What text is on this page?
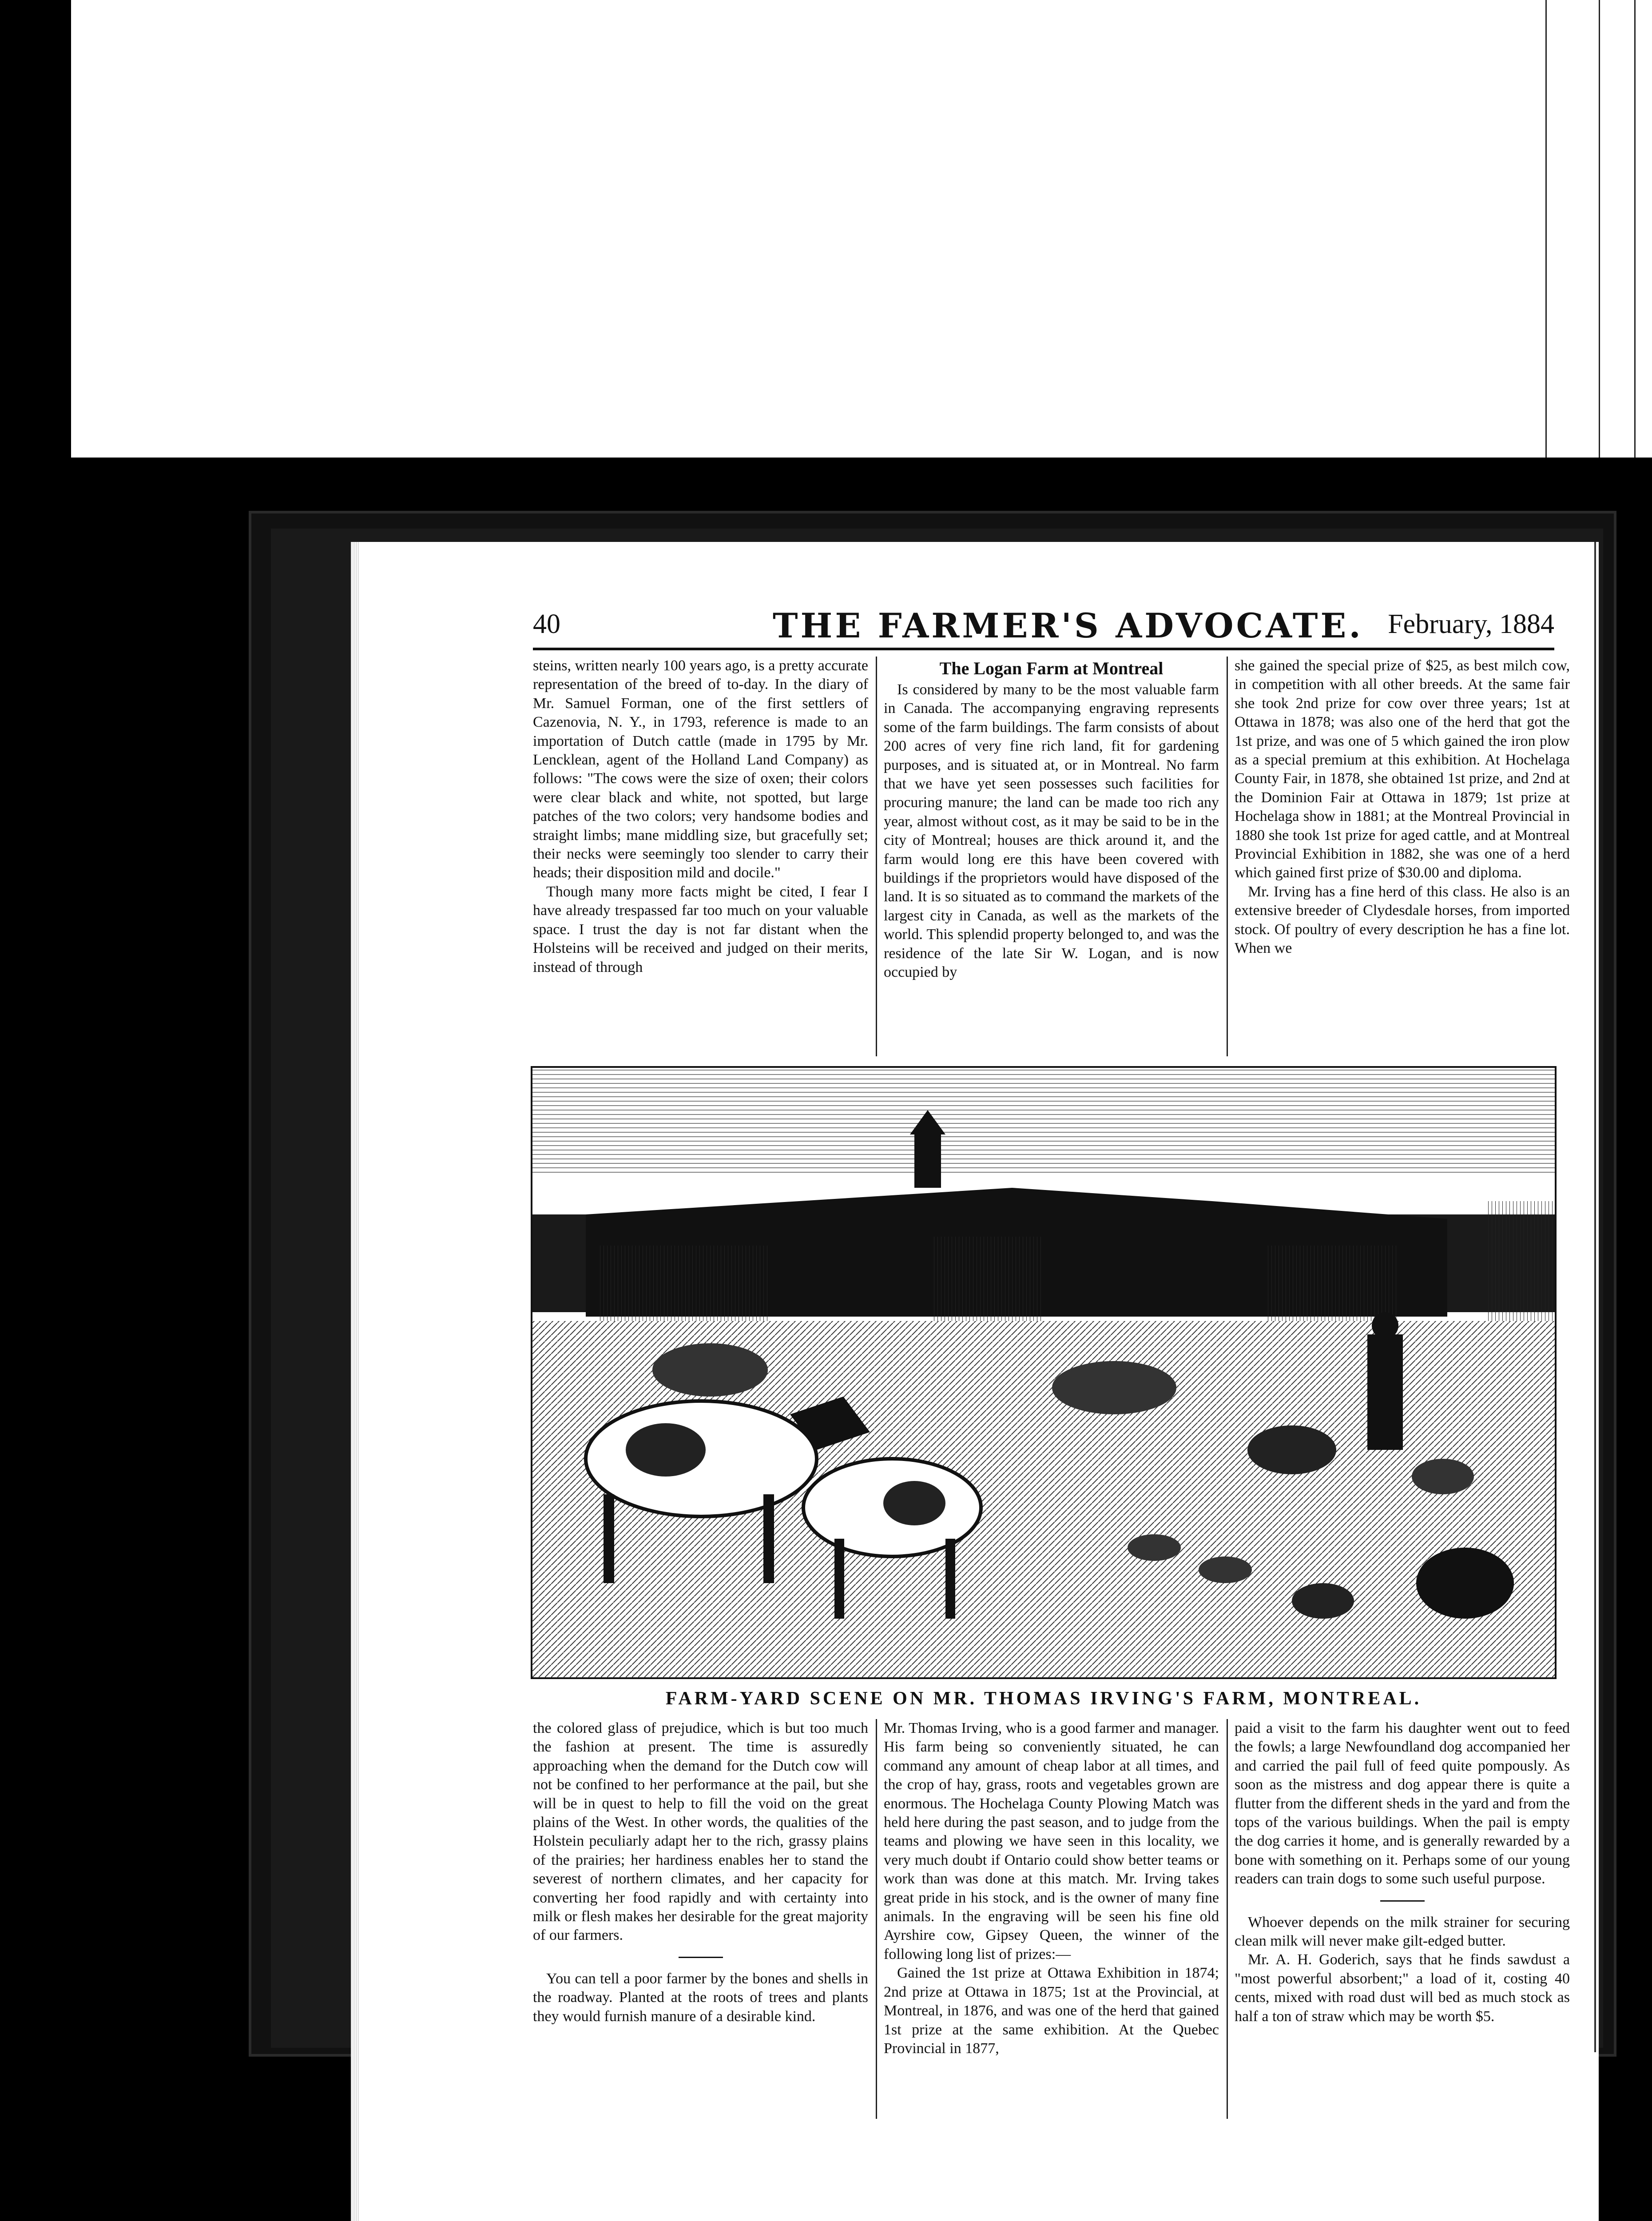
40	THE FARMER'S ADVOCATE. February, 1884

steins, written nearly 100 years ago, is a pretty accurate representation of the breed of to-day. In the diary of Mr. Samuel Forman, one of the first settlers of Cazenovia, N. Y., in 1793, reference is made to an importation of Dutch cattle (made in 1795 by Mr. Lencklean, agent of the Holland Land Company) as follows: "The cows were the size of oxen; their colors were clear black and white, not spotted, but large patches of the two colors; very handsome bodies and straight limbs; mane middling size, but gracefully set; their necks were seemingly too slender to carry their heads; their disposition mild and docile."

Though many more facts might be cited, I fear I have already trespassed far too much on your valuable space. I trust the day is not far distant when the Holsteins will be received and judged on their merits, instead of through

The Logan Farm at Montreal

Is considered by many to be the most valuable farm in Canada. The accompanying engraving represents some of the farm buildings. The farm consists of about 200 acres of very fine rich land, fit for gardening purposes, and is situated at, or in Montreal. No farm that we have yet seen possesses such facilities for procuring manure; the land can be made too rich any year, almost without cost, as it may be said to be in the city of Montreal; houses are thick around it, and the farm would long ere this have been covered with buildings if the proprietors would have disposed of the land. It is so situated as to command the markets of the largest city in Canada, as well as the markets of the world. This splendid property belonged to, and was the residence of the late Sir W. Logan, and is now occupied by

she gained the special prize of $25, as best milch cow, in competition with all other breeds. At the same fair she took 2nd prize for cow over three years; 1st at Ottawa in 1878; was also one of the herd that got the 1st prize, and was one of 5 which gained the iron plow as a special premium at this exhibition. At Hochelaga County Fair, in 1878, she obtained 1st prize, and 2nd at the Dominion Fair at Ottawa in 1879; 1st prize at Hochelaga show in 1881; at the Montreal Provincial in 1880 she took 1st prize for aged cattle, and at Montreal Provincial Exhibition in 1882, she was one of a herd which gained first prize of $30.00 and diploma.

Mr. Irving has a fine herd of this class. He also is an extensive breeder of Clydesdale horses, from imported stock. Of poultry of every description he has a fine lot. When we

FARM-YARD SCENE ON MR. THOMAS IRVING'S FARM, MONTREAL.

the colored glass of prejudice, which is but too much the fashion at present. The time is assuredly approaching when the demand for the Dutch cow will not be confined to her performance at the pail, but she will be in quest to help to fill the void on the great plains of the West. In other words, the qualities of the Holstein peculiarly adapt her to the rich, grassy plains of the prairies; her hardiness enables her to stand the severest of northern climates, and her capacity for converting her food rapidly and with certainty into milk or flesh makes her desirable for the great majority of our farmers.

You can tell a poor farmer by the bones and shells in the roadway. Planted at the roots of trees and plants they would furnish manure of a desirable kind.

Mr. Thomas Irving, who is a good farmer and manager. His farm being so conveniently situated, he can command any amount of cheap labor at all times, and the crop of hay, grass, roots and vegetables grown are enormous. The Hochelaga County Plowing Match was held here during the past season, and to judge from the teams and plowing we have seen in this locality, we very much doubt if Ontario could show better teams or work than was done at this match. Mr. Irving takes great pride in his stock, and is the owner of many fine animals. In the engraving will be seen his fine old Ayrshire cow, Gipsey Queen, the winner of the following long list of prizes:—

Gained the 1st prize at Ottawa Exhibition in 1874; 2nd prize at Ottawa in 1875; 1st at the Provincial, at Montreal, in 1876, and was one of the herd that gained 1st prize at the same exhibition. At the Quebec Provincial in 1877,

paid a visit to the farm his daughter went out to feed the fowls; a large Newfoundland dog accompanied her and carried the pail full of feed quite pompously. As soon as the mistress and dog appear there is quite a flutter from the different sheds in the yard and from the tops of the various buildings. When the pail is empty the dog carries it home, and is generally rewarded by a bone with something on it. Perhaps some of our young readers can train dogs to some such useful purpose.

Whoever depends on the milk strainer for securing clean milk will never make gilt-edged butter.

Mr. A. H. Goderich, says that he finds sawdust a "most powerful absorbent;" a load of it, costing 40 cents, mixed with road dust will bed as much stock as half a ton of straw which may be worth $5.
